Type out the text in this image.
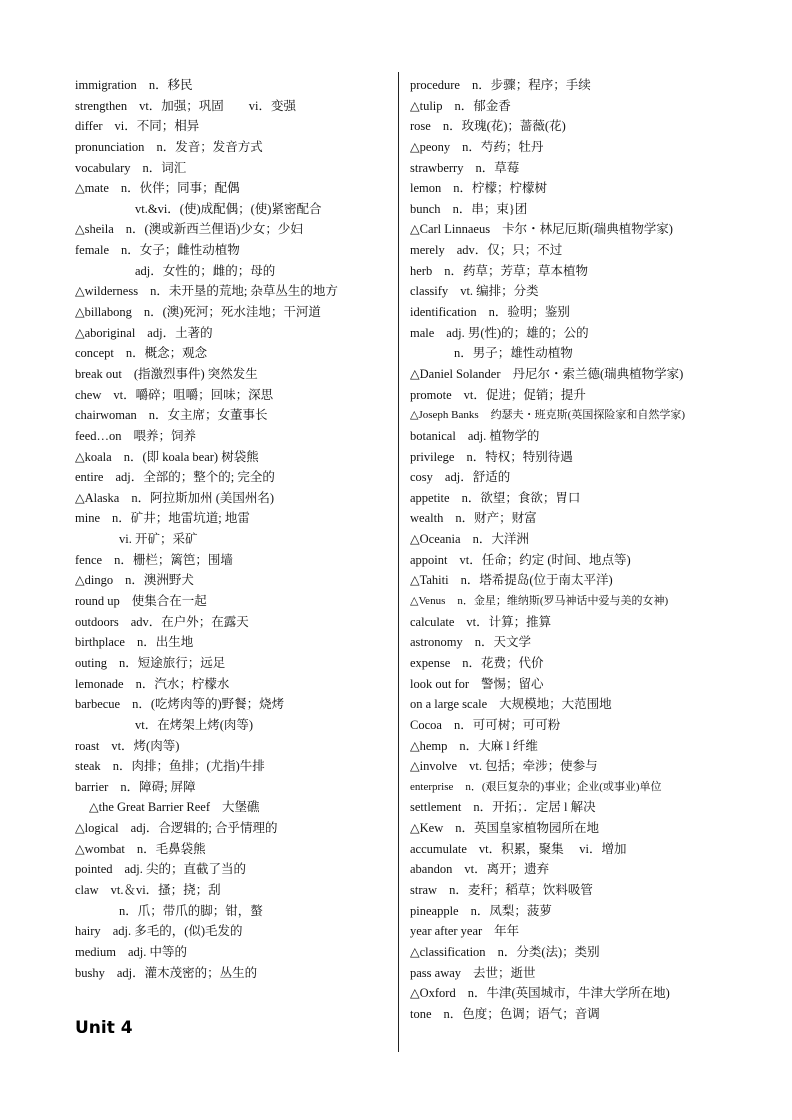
immigration n．移民
strengthen vt．加强；巩固　　vi．变强
differ vi．不同；相异
pronunciation n．发音；发音方式
vocabulary n．词汇
△mate n．伙伴；同事；配偶
vt.&vi．(使)成配偶；(使)紧密配合
△sheila n．(澳或新西兰俚语)少女；少妇
female n．女子；雌性动植物
adj．女性的；雌的；母的
△wilderness n．未开垦的荒地; 杂草丛生的地方
△billabong n．(澳)死河；死水洼地；干河道
△aboriginal adj．土著的
concept n．概念；观念
break out (指激烈事件) 突然发生
chew vt．嚼碎；咀嚼；回味；深思
chairwoman n．女主席；女董事长
feed…on 喂养；饲养
△koala n．(即 koala bear) 树袋熊
entire adj．全部的；整个的; 完全的
△Alaska n．阿拉斯加州 (美国州名)
mine n．矿井；地雷坑道; 地雷
vi. 开矿；采矿
fence n．栅栏；篱笆；围墙
△dingo n．澳洲野犬
round up 使集合在一起
outdoors adv．在户外；在露天
birthplace n．出生地
outing n．短途旅行；远足
lemonade n．汽水；柠檬水
barbecue n．(吃烤肉等的)野餐；烧烤
vt．在烤架上烤(肉等)
roast vt．烤(肉等)
steak n．肉排；鱼排；(尤指)牛排
barrier n．障碍; 屏障
△the Great Barrier Reef 大堡礁
△logical adj．合逻辑的; 合乎情理的
△wombat n．毛鼻袋熊
pointed adj. 尖的；直截了当的
claw vt.＆vi．搔；挠；刮
n．爪；带爪的脚；钳，螯
hairy adj. 多毛的，(似)毛发的
medium adj. 中等的
bushy adj．灌木茂密的；丛生的
procedure n．步骤；程序；手续
△tulip n．郁金香
rose n．玫瑰(花)；蔷薇(花)
△peony n．芍药；牡丹
strawberry n．草莓
lemon n．柠檬；柠檬树
bunch n．串；束}团
△Carl Linnaeus 卡尔・林尼厄斯(瑞典植物学家)
merely adv．仅；只；不过
herb n．药草；芳草；草本植物
classify vt. 编排；分类
identification n．验明；鉴别
male adj. 男(性)的；雄的；公的
n．男子；雄性动植物
△Daniel Solander 丹尼尔・索兰德(瑞典植物学家)
promote vt．促进；促销；提升
△Joseph Banks 约瑟夫・班克斯(英国探险家和自然学家)
botanical adj. 植物学的
privilege n．特权；特别待遇
cosy adj．舒适的
appetite n．欲望；食欲；胃口
wealth n．财产；财富
△Oceania n．大洋洲
appoint vt．任命；约定 (时间、地点等)
△Tahiti n．塔希提岛(位于南太平洋)
△Venus n．金星；维纳斯(罗马神话中爱与美的女神)
calculate vt．计算；推算
astronomy n．天文学
expense n．花费；代价
look out for 警惕；留心
on a large scale 大规模地；大范围地
Cocoa n．可可树；可可粉
△hemp n．大麻 l 纤维
△involve vt. 包括；牵涉；使参与
enterprise n．(艰巨复杂的)事业；企业(或事业)单位
settlement n．开拓；．定居 l 解决
△Kew n．英国皇家植物园所在地
accumulate vt．积累，聚集　 vi．增加
abandon vt．离开；遗弃
straw n．麦秆；稻草；饮料吸管
pineapple n．凤梨；菠萝
year after year 年年
△classification n．分类(法)；类别
pass away 去世；逝世
△Oxford n．牛津(英国城市，牛津大学所在地)
tone n．色度；色调；语气；音调
Unit 4
